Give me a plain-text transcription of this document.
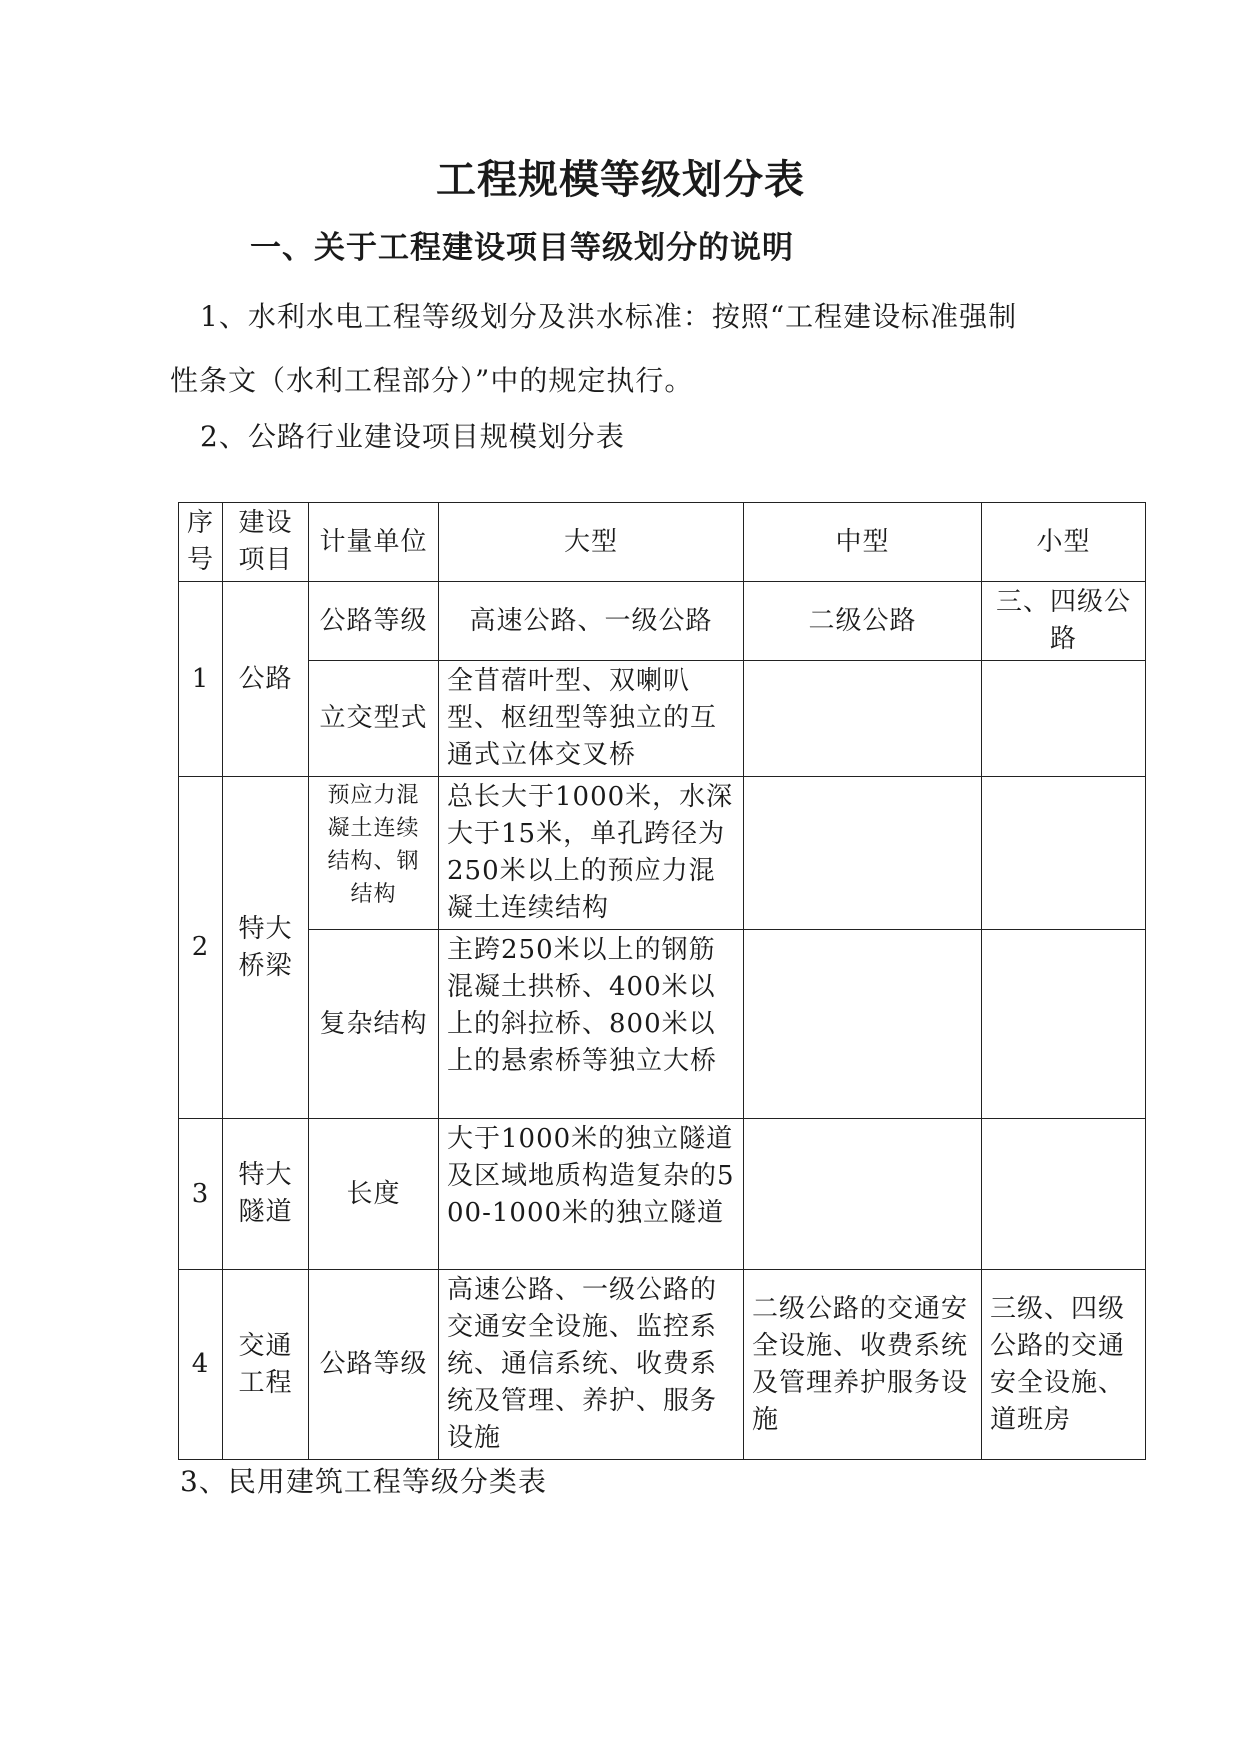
工程规模等级划分表
一、关于工程建设项目等级划分的说明
1、水利水电工程等级划分及洪水标准：按照“工程建设标准强制
性条文（水利工程部分）”中的规定执行。
2、公路行业建设项目规模划分表
序号	建设项目	计量单位	大型	中型	小型
1	公路	公路等级	高速公路、一级公路	二级公路	三、四级公路
		立交型式	全苜蓿叶型、双喇叭型、枢纽型等独立的互通式立体交叉桥		
2	特大桥梁	预应力混凝土连续结构、钢结构	总长大于1000米，水深大于15米，单孔跨径为250米以上的预应力混凝土连续结构		
		复杂结构	主跨250米以上的钢筋混凝土拱桥、400米以上的斜拉桥、800米以上的悬索桥等独立大桥		
3	特大隧道	长度	大于1000米的独立隧道及区域地质构造复杂的500-1000米的独立隧道		
4	交通工程	公路等级	高速公路、一级公路的交通安全设施、监控系统、通信系统、收费系统及管理、养护、服务设施	二级公路的交通安全设施、收费系统及管理养护服务设施	三级、四级公路的交通安全设施、道班房
3、民用建筑工程等级分类表
